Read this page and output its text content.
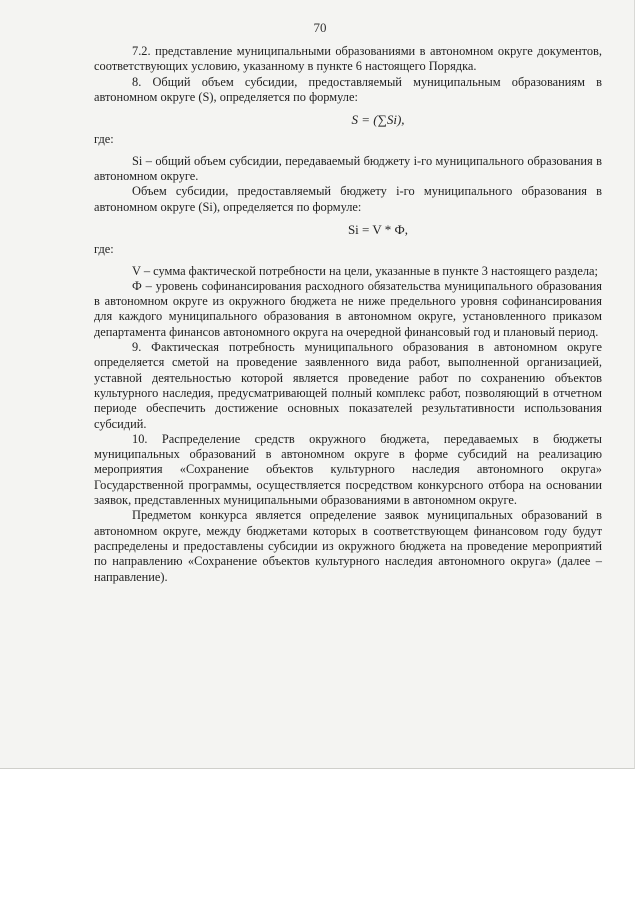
70

7.2. представление муниципальными образованиями в автономном округе документов, соответствующих условию, указанному в пункте 6 настоящего Порядка.

8. Общий объем субсидии, предоставляемый муниципальным образованиям в автономном округе (S), определяется по формуле:

S = (∑Si),

где:

Si – общий объем субсидии, передаваемый бюджету i-го муниципального образования в автономном округе.

Объем субсидии, предоставляемый бюджету i-го муниципального образования в автономном округе (Si), определяется по формуле:

Si = V * Ф,

где:

V – сумма фактической потребности на цели, указанные в пункте 3 настоящего раздела;

Ф – уровень софинансирования расходного обязательства муниципального образования в автономном округе из окружного бюджета не ниже предельного уровня софинансирования для каждого муниципального образования в автономном округе, установленного приказом департамента финансов автономного округа на очередной финансовый год и плановый период.

9. Фактическая потребность муниципального образования в автономном округе определяется сметой на проведение заявленного вида работ, выполненной организацией, уставной деятельностью которой является проведение работ по сохранению объектов культурного наследия, предусматривающей полный комплекс работ, позволяющий в отчетном периоде обеспечить достижение основных показателей результативности использования субсидий.

10. Распределение средств окружного бюджета, передаваемых в бюджеты муниципальных образований в автономном округе в форме субсидий на реализацию мероприятия «Сохранение объектов культурного наследия автономного округа» Государственной программы, осуществляется посредством конкурсного отбора на основании заявок, представленных муниципальными образованиями в автономном округе.

Предметом конкурса является определение заявок муниципальных образований в автономном округе, между бюджетами которых в соответствующем финансовом году будут распределены и предоставлены субсидии из окружного бюджета на проведение мероприятий по направлению «Сохранение объектов культурного наследия автономного округа» (далее – направление).
